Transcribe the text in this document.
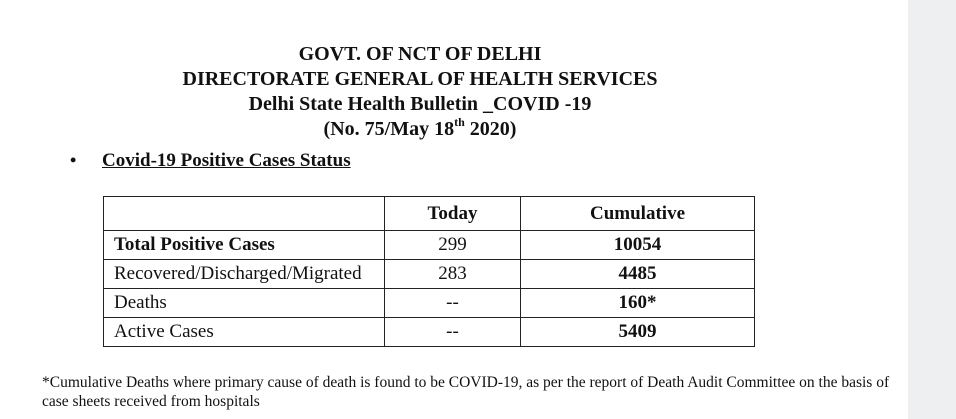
GOVT. OF NCT OF DELHI
DIRECTORATE GENERAL OF HEALTH SERVICES
Delhi State Health Bulletin _COVID -19
(No. 75/May 18th 2020)
• Covid-19 Positive Cases Status
	Today	Cumulative
Total Positive Cases	299	10054
Recovered/Discharged/Migrated	283	4485
Deaths	--	160*
Active Cases	--	5409
*Cumulative Deaths where primary cause of death is found to be COVID-19, as per the report of Death Audit Committee on the basis of case sheets received from hospitals
